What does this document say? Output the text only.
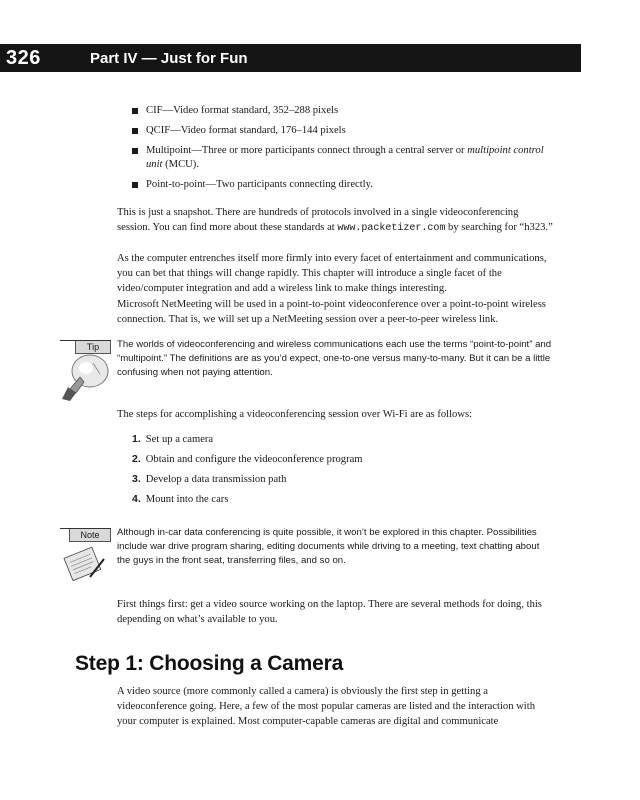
326	Part IV — Just for Fun
CIF—Video format standard, 352–288 pixels
QCIF—Video format standard, 176–144 pixels
Multipoint—Three or more participants connect through a central server or multipoint control unit (MCU).
Point-to-point—Two participants connecting directly.

This is just a snapshot. There are hundreds of protocols involved in a single videoconferencing session. You can find more about these standards at www.packetizer.com by searching for “h323.”

As the computer entrenches itself more firmly into every facet of entertainment and communications, you can bet that things will change rapidly. This chapter will introduce a single facet of the video/computer integration and add a wireless link to make things interesting.

Microsoft NetMeeting will be used in a point-to-point videoconference over a point-to-point wireless connection. That is, we will set up a NetMeeting session over a peer-to-peer wireless link.

Tip	The worlds of videoconferencing and wireless communications each use the terms “point-to-point” and “multipoint.” The definitions are as you’d expect, one-to-one versus many-to-many. But it can be a little confusing when not paying attention.

The steps for accomplishing a videoconferencing session over Wi-Fi are as follows:

1. Set up a camera
2. Obtain and configure the videoconference program
3. Develop a data transmission path
4. Mount into the cars
Note	Although in-car data conferencing is quite possible, it won’t be explored in this chapter. Possibilities include war drive program sharing, editing documents while driving to a meeting, text chatting about the guys in the front seat, transferring files, and so on.

First things first: get a video source working on the laptop. There are several methods for doing, this depending on what’s available to you.

Step 1: Choosing a Camera

A video source (more commonly called a camera) is obviously the first step in getting a videoconference going. Here, a few of the most popular cameras are listed and the interaction with your computer is explained. Most computer-capable cameras are digital and communicate
